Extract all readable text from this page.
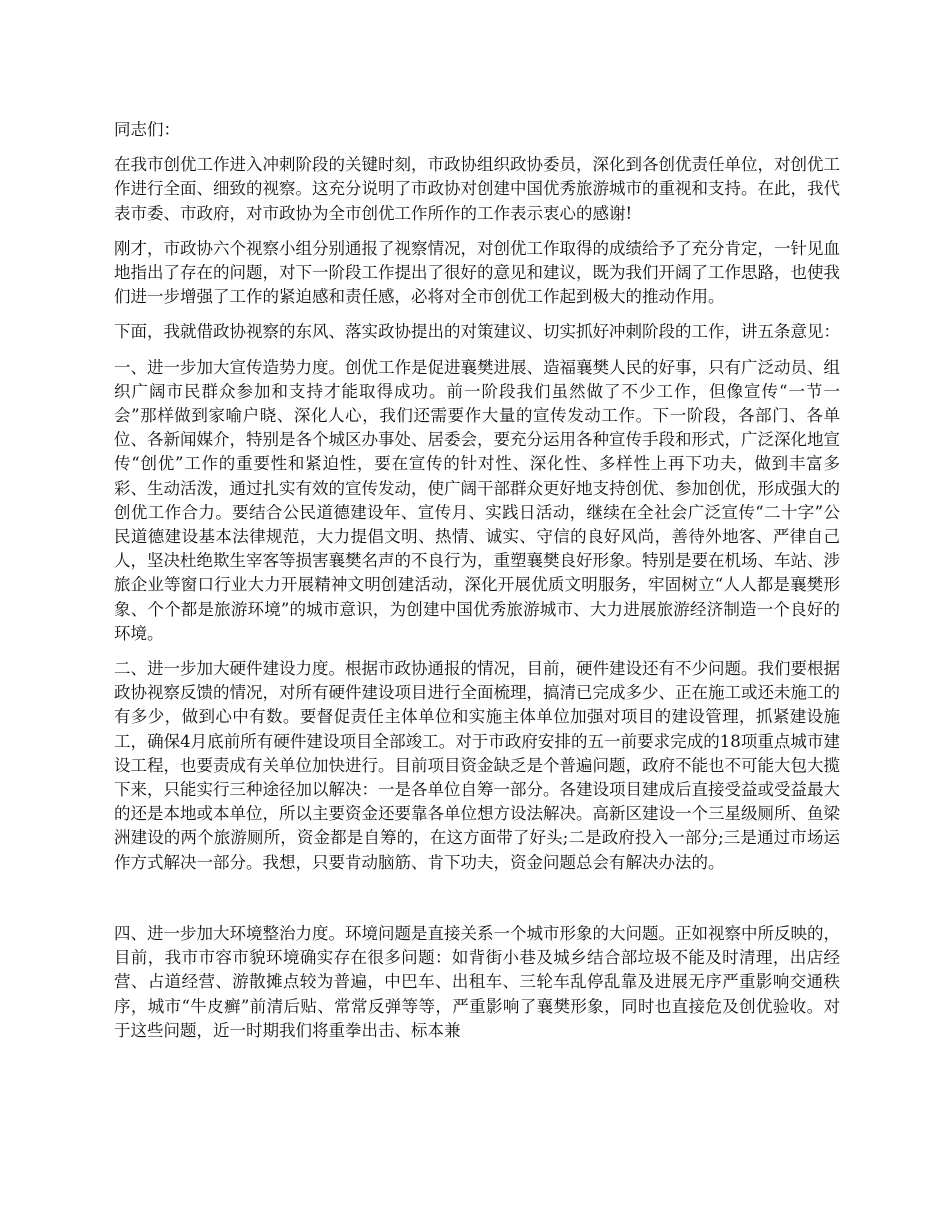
同志们：

在我市创优工作进入冲刺阶段的关键时刻，市政协组织政协委员，深化到各创优责任单位，对创优工作进行全面、细致的视察。这充分说明了市政协对创建中国优秀旅游城市的重视和支持。在此，我代表市委、市政府，对市政协为全市创优工作所作的工作表示衷心的感谢!

刚才，市政协六个视察小组分别通报了视察情况，对创优工作取得的成绩给予了充分肯定，一针见血地指出了存在的问题，对下一阶段工作提出了很好的意见和建议，既为我们开阔了工作思路，也使我们进一步增强了工作的紧迫感和责任感，必将对全市创优工作起到极大的推动作用。

下面，我就借政协视察的东风、落实政协提出的对策建议、切实抓好冲刺阶段的工作，讲五条意见：

一、进一步加大宣传造势力度。创优工作是促进襄樊进展、造福襄樊人民的好事，只有广泛动员、组织广阔市民群众参加和支持才能取得成功。前一阶段我们虽然做了不少工作，但像宣传“一节一会”那样做到家喻户晓、深化人心，我们还需要作大量的宣传发动工作。下一阶段，各部门、各单位、各新闻媒介，特别是各个城区办事处、居委会，要充分运用各种宣传手段和形式，广泛深化地宣传“创优”工作的重要性和紧迫性，要在宣传的针对性、深化性、多样性上再下功夫，做到丰富多彩、生动活泼，通过扎实有效的宣传发动，使广阔干部群众更好地支持创优、参加创优，形成强大的创优工作合力。要结合公民道德建设年、宣传月、实践日活动，继续在全社会广泛宣传“二十字”公民道德建设基本法律规范，大力提倡文明、热情、诚实、守信的良好风尚，善待外地客、严律自己人，坚决杜绝欺生宰客等损害襄樊名声的不良行为，重塑襄樊良好形象。特别是要在机场、车站、涉旅企业等窗口行业大力开展精神文明创建活动，深化开展优质文明服务，牢固树立“人人都是襄樊形象、个个都是旅游环境”的城市意识，为创建中国优秀旅游城市、大力进展旅游经济制造一个良好的环境。

二、进一步加大硬件建设力度。根据市政协通报的情况，目前，硬件建设还有不少问题。我们要根据政协视察反馈的情况，对所有硬件建设项目进行全面梳理，搞清已完成多少、正在施工或还未施工的有多少，做到心中有数。要督促责任主体单位和实施主体单位加强对项目的建设管理，抓紧建设施工，确保4月底前所有硬件建设项目全部竣工。对于市政府安排的五一前要求完成的18项重点城市建设工程，也要责成有关单位加快进行。目前项目资金缺乏是个普遍问题，政府不能也不可能大包大揽下来，只能实行三种途径加以解决：一是各单位自筹一部分。各建设项目建成后直接受益或受益最大的还是本地或本单位，所以主要资金还要靠各单位想方设法解决。高新区建设一个三星级厕所、鱼梁洲建设的两个旅游厕所，资金都是自筹的，在这方面带了好头;二是政府投入一部分;三是通过市场运作方式解决一部分。我想，只要肯动脑筋、肯下功夫，资金问题总会有解决办法的。

四、进一步加大环境整治力度。环境问题是直接关系一个城市形象的大问题。正如视察中所反映的，目前，我市市容市貌环境确实存在很多问题：如背街小巷及城乡结合部垃圾不能及时清理，出店经营、占道经营、游散摊点较为普遍，中巴车、出租车、三轮车乱停乱靠及进展无序严重影响交通秩序，城市“牛皮癣”前清后贴、常常反弹等等，严重影响了襄樊形象，同时也直接危及创优验收。对于这些问题，近一时期我们将重拳出击、标本兼
